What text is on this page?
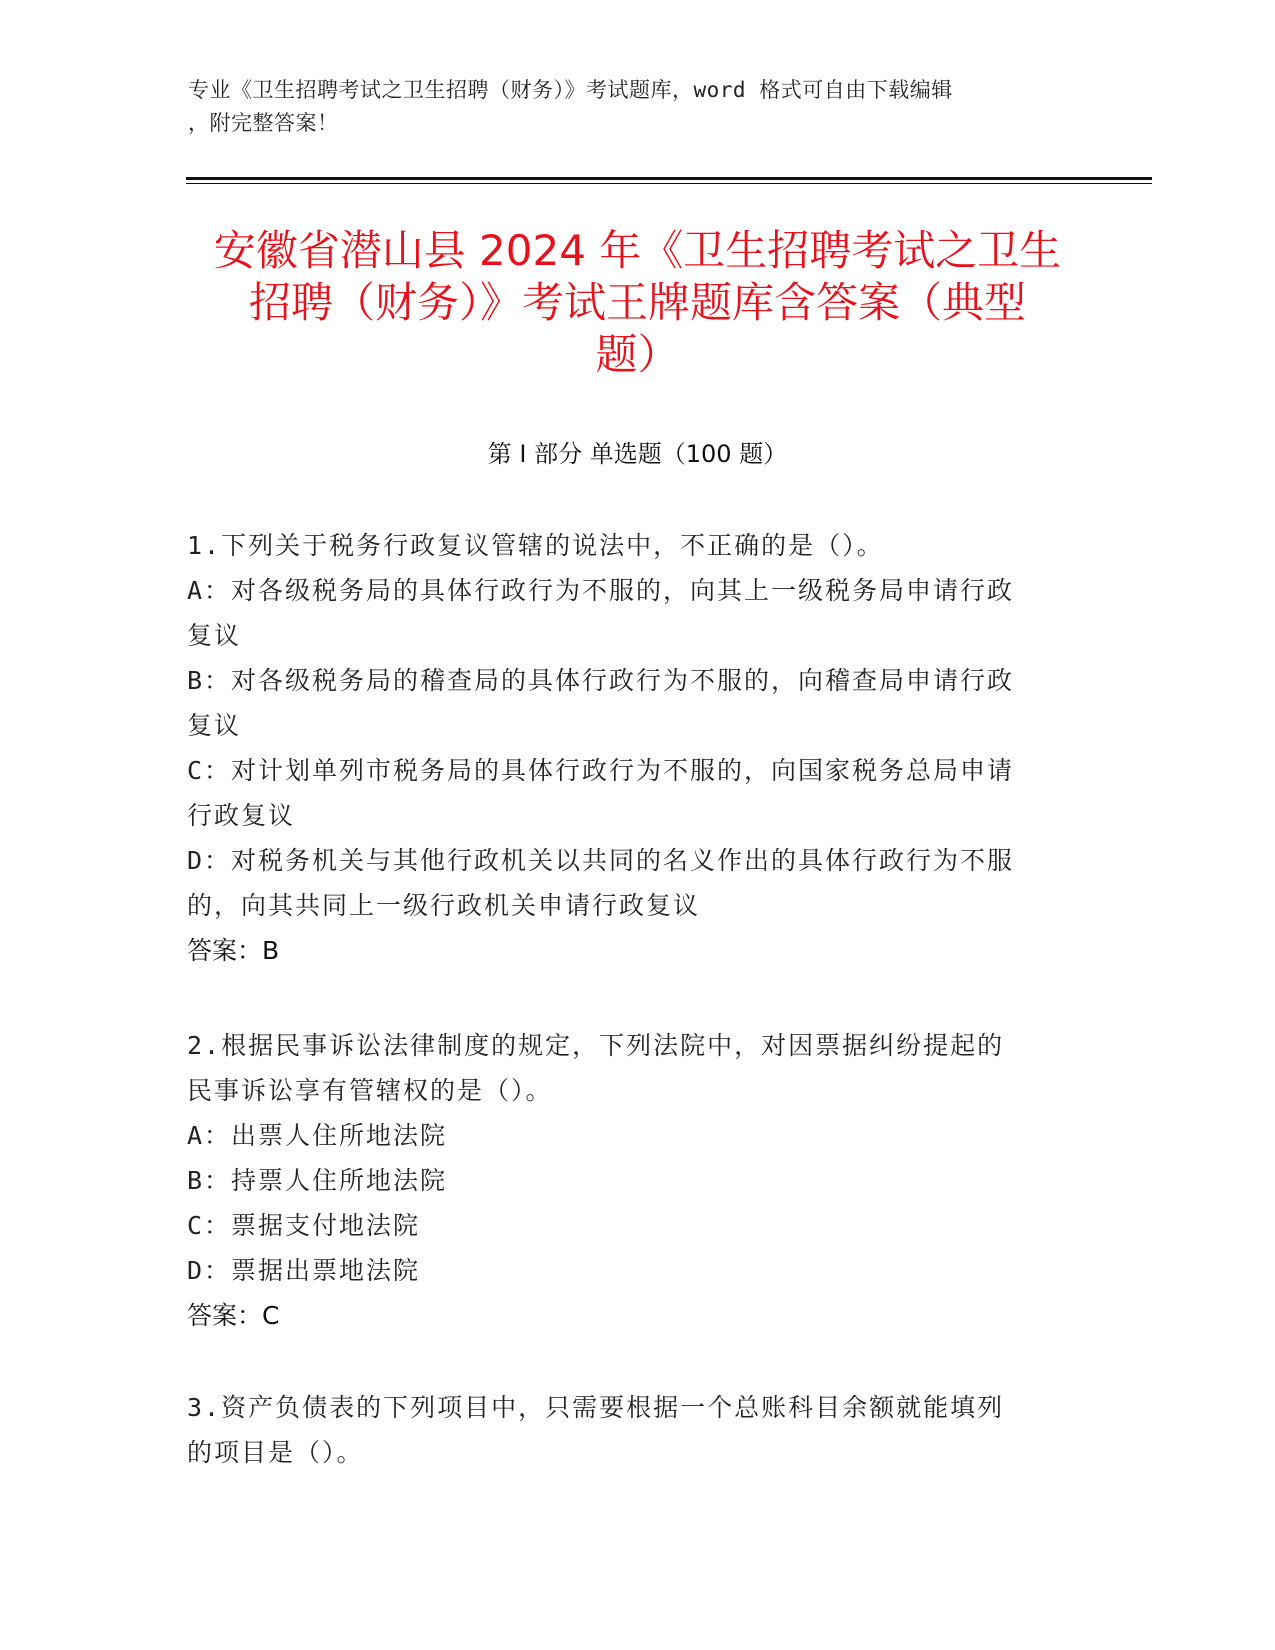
专业《卫生招聘考试之卫生招聘（财务）》考试题库，word 格式可自由下载编辑
，附完整答案！
安徽省潜山县 2024 年《卫生招聘考试之卫生
招聘（财务）》考试王牌题库含答案（典型
题）
第 I 部分 单选题（100 题）

1.下列关于税务行政复议管辖的说法中，不正确的是（）。

A：对各级税务局的具体行政行为不服的，向其上一级税务局申请行政

复议

B：对各级税务局的稽查局的具体行政行为不服的，向稽查局申请行政

复议

C：对计划单列市税务局的具体行政行为不服的，向国家税务总局申请

行政复议

D：对税务机关与其他行政机关以共同的名义作出的具体行政行为不服

的，向其共同上一级行政机关申请行政复议

答案：B

2.根据民事诉讼法律制度的规定，下列法院中，对因票据纠纷提起的

民事诉讼享有管辖权的是（）。

A：出票人住所地法院

B：持票人住所地法院

C：票据支付地法院

D：票据出票地法院

答案：C

3.资产负债表的下列项目中，只需要根据一个总账科目余额就能填列

的项目是（）。
